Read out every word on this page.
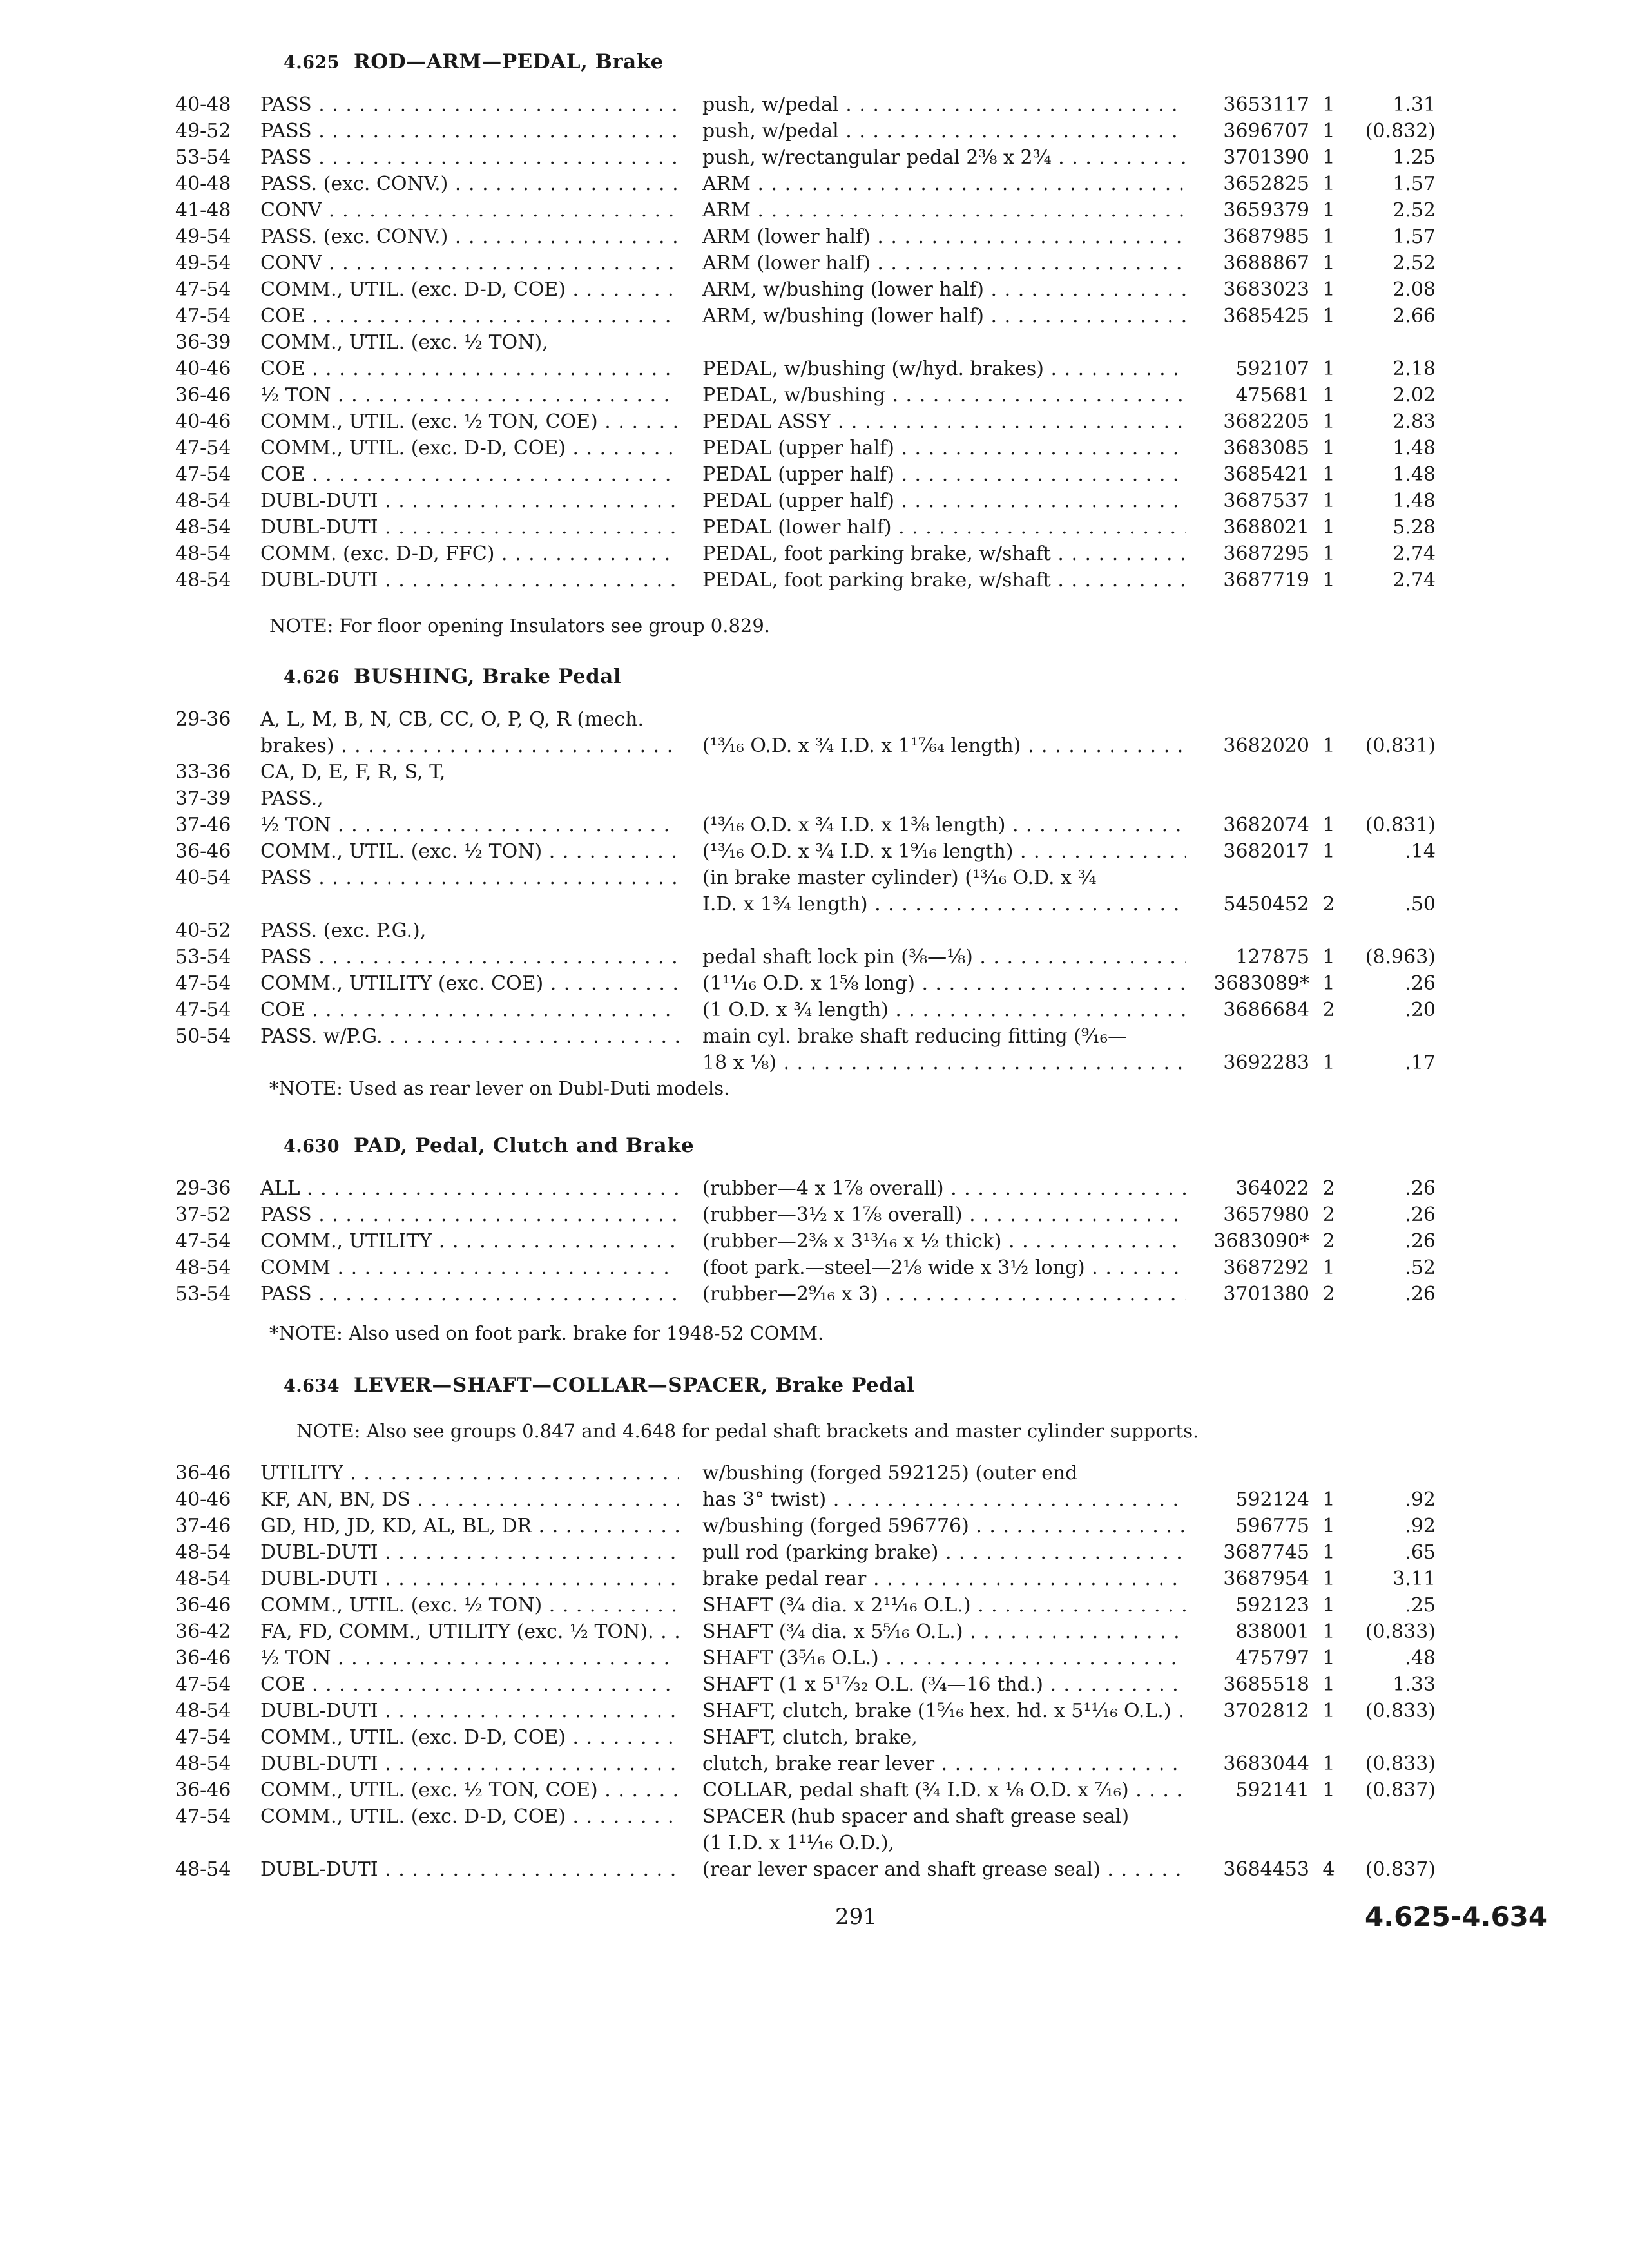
4.625 ROD—ARM—PEDAL, Brake
40-48	PASS . . .	push, w/pedal . . .	3653117 1	1.31
49-52	PASS . . .	push, w/pedal . . .	3696707 1	(0.832)
53-54	PASS . . .	push, w/rectangular pedal 2⅜ x 2¾ . . .	3701390 1	1.25
40-48	PASS. (exc. CONV.) . . .	ARM . . .	3652825 1	1.57
41-48	CONV . . .	ARM . . .	3659379 1	2.52
49-54	PASS. (exc. CONV.) . . .	ARM (lower half) . . .	3687985 1	1.57
49-54	CONV . . .	ARM (lower half) . . .	3688867 1	2.52
47-54	COMM., UTIL. (exc. D-D, COE) . . .	ARM, w/bushing (lower half) . . .	3683023 1	2.08
47-54	COE . . .	ARM, w/bushing (lower half) . . .	3685425 1	2.66
36-39	COMM., UTIL. (exc. ½ TON),
40-46	COE . . .	PEDAL, w/bushing (w/hyd. brakes) . . .	592107 1	2.18
36-46	½ TON . . .	PEDAL, w/bushing . . .	475681 1	2.02
40-46	COMM., UTIL. (exc. ½ TON, COE) . . .	PEDAL ASSY . . .	3682205 1	2.83
47-54	COMM., UTIL. (exc. D-D, COE) . . .	PEDAL (upper half) . . .	3683085 1	1.48
47-54	COE . . .	PEDAL (upper half) . . .	3685421 1	1.48
48-54	DUBL-DUTI . . .	PEDAL (upper half) . . .	3687537 1	1.48
48-54	DUBL-DUTI . . .	PEDAL (lower half) . . .	3688021 1	5.28
48-54	COMM. (exc. D-D, FFC) . . .	PEDAL, foot parking brake, w/shaft . . .	3687295 1	2.74
48-54	DUBL-DUTI . . .	PEDAL, foot parking brake, w/shaft . . .	3687719 1	2.74
NOTE: For floor opening Insulators see group 0.829.
4.626 BUSHING, Brake Pedal
29-36	A, L, M, B, N, CB, CC, O, P, Q, R (mech.
brakes) . . .	(¹³⁄₁₆ O.D. x ¾ I.D. x 1¹⁷⁄₆₄ length) . . .	3682020 1	(0.831)
33-36	CA, D, E, F, R, S, T,
37-39	PASS.,
37-46	½ TON . . .	(¹³⁄₁₆ O.D. x ¾ I.D. x 1⅜ length) . . .	3682074 1	(0.831)
36-46	COMM., UTIL. (exc. ½ TON) . . .	(¹³⁄₁₆ O.D. x ¾ I.D. x 1⁹⁄₁₆ length) . . .	3682017 1	.14
40-54	PASS . . .	(in brake master cylinder) (¹³⁄₁₆ O.D. x ¾
I.D. x 1¾ length) . . .	5450452 2	.50
40-52	PASS. (exc. P.G.),
53-54	PASS . . .	pedal shaft lock pin (⅜—⅛) . . .	127875 1	(8.963)
47-54	COMM., UTILITY (exc. COE) . . .	(1¹¹⁄₁₆ O.D. x 1⅝ long) . . .	3683089* 1	.26
47-54	COE . . .	(1 O.D. x ¾ length) . . .	3686684 2	.20
50-54	PASS. w/P.G. . . .	main cyl. brake shaft reducing fitting (⁹⁄₁₆—
18 x ⅛) . . .	3692283 1	.17
*NOTE: Used as rear lever on Dubl-Duti models.
4.630 PAD, Pedal, Clutch and Brake
29-36	ALL . . .	(rubber—4 x 1⅞ overall) . . .	364022 2	.26
37-52	PASS . . .	(rubber—3½ x 1⅞ overall) . . .	3657980 2	.26
47-54	COMM., UTILITY . . .	(rubber—2⅜ x 3¹³⁄₁₆ x ½ thick) . . .	3683090* 2	.26
48-54	COMM . . .	(foot park.—steel—2⅛ wide x 3½ long) . . .	3687292 1	.52
53-54	PASS . . .	(rubber—2⁹⁄₁₆ x 3) . . .	3701380 2	.26
*NOTE: Also used on foot park. brake for 1948-52 COMM.
4.634 LEVER—SHAFT—COLLAR—SPACER, Brake Pedal
NOTE: Also see groups 0.847 and 4.648 for pedal shaft brackets and master cylinder supports.
36-46	UTILITY . . .	w/bushing (forged 592125) (outer end
40-46	KF, AN, BN, DS . . .	has 3° twist) . . .	592124 1	.92
37-46	GD, HD, JD, KD, AL, BL, DR . . .	w/bushing (forged 596776) . . .	596775 1	.92
48-54	DUBL-DUTI . . .	pull rod (parking brake) . . .	3687745 1	.65
48-54	DUBL-DUTI . . .	brake pedal rear . . .	3687954 1	3.11
36-46	COMM., UTIL. (exc. ½ TON) . . .	SHAFT (¾ dia. x 2¹¹⁄₁₆ O.L.) . . .	592123 1	.25
36-42	FA, FD, COMM., UTILITY (exc. ½ TON). . . .	SHAFT (¾ dia. x 5⁵⁄₁₆ O.L.) . . .	838001 1	(0.833)
36-46	½ TON . . .	SHAFT (3⁵⁄₁₆ O.L.) . . .	475797 1	.48
47-54	COE . . .	SHAFT (1 x 5¹⁷⁄₃₂ O.L. (¾—16 thd.) . . .	3685518 1	1.33
48-54	DUBL-DUTI . . .	SHAFT, clutch, brake (1⁵⁄₁₆ hex. hd. x 5¹¹⁄₁₆ O.L.) . . .	3702812 1	(0.833)
47-54	COMM., UTIL. (exc. D-D, COE) . . .	SHAFT, clutch, brake,
48-54	DUBL-DUTI . . .	clutch, brake rear lever . . .	3683044 1	(0.833)
36-46	COMM., UTIL. (exc. ½ TON, COE) . . .	COLLAR, pedal shaft (¾ I.D. x ⅛ O.D. x ⁷⁄₁₆) . . .	592141 1	(0.837)
47-54	COMM., UTIL. (exc. D-D, COE) . . .	SPACER (hub spacer and shaft grease seal)
(1 I.D. x 1¹¹⁄₁₆ O.D.),
48-54	DUBL-DUTI . . .	(rear lever spacer and shaft grease seal) . . .	3684453 4	(0.837)
291	4.625-4.634
